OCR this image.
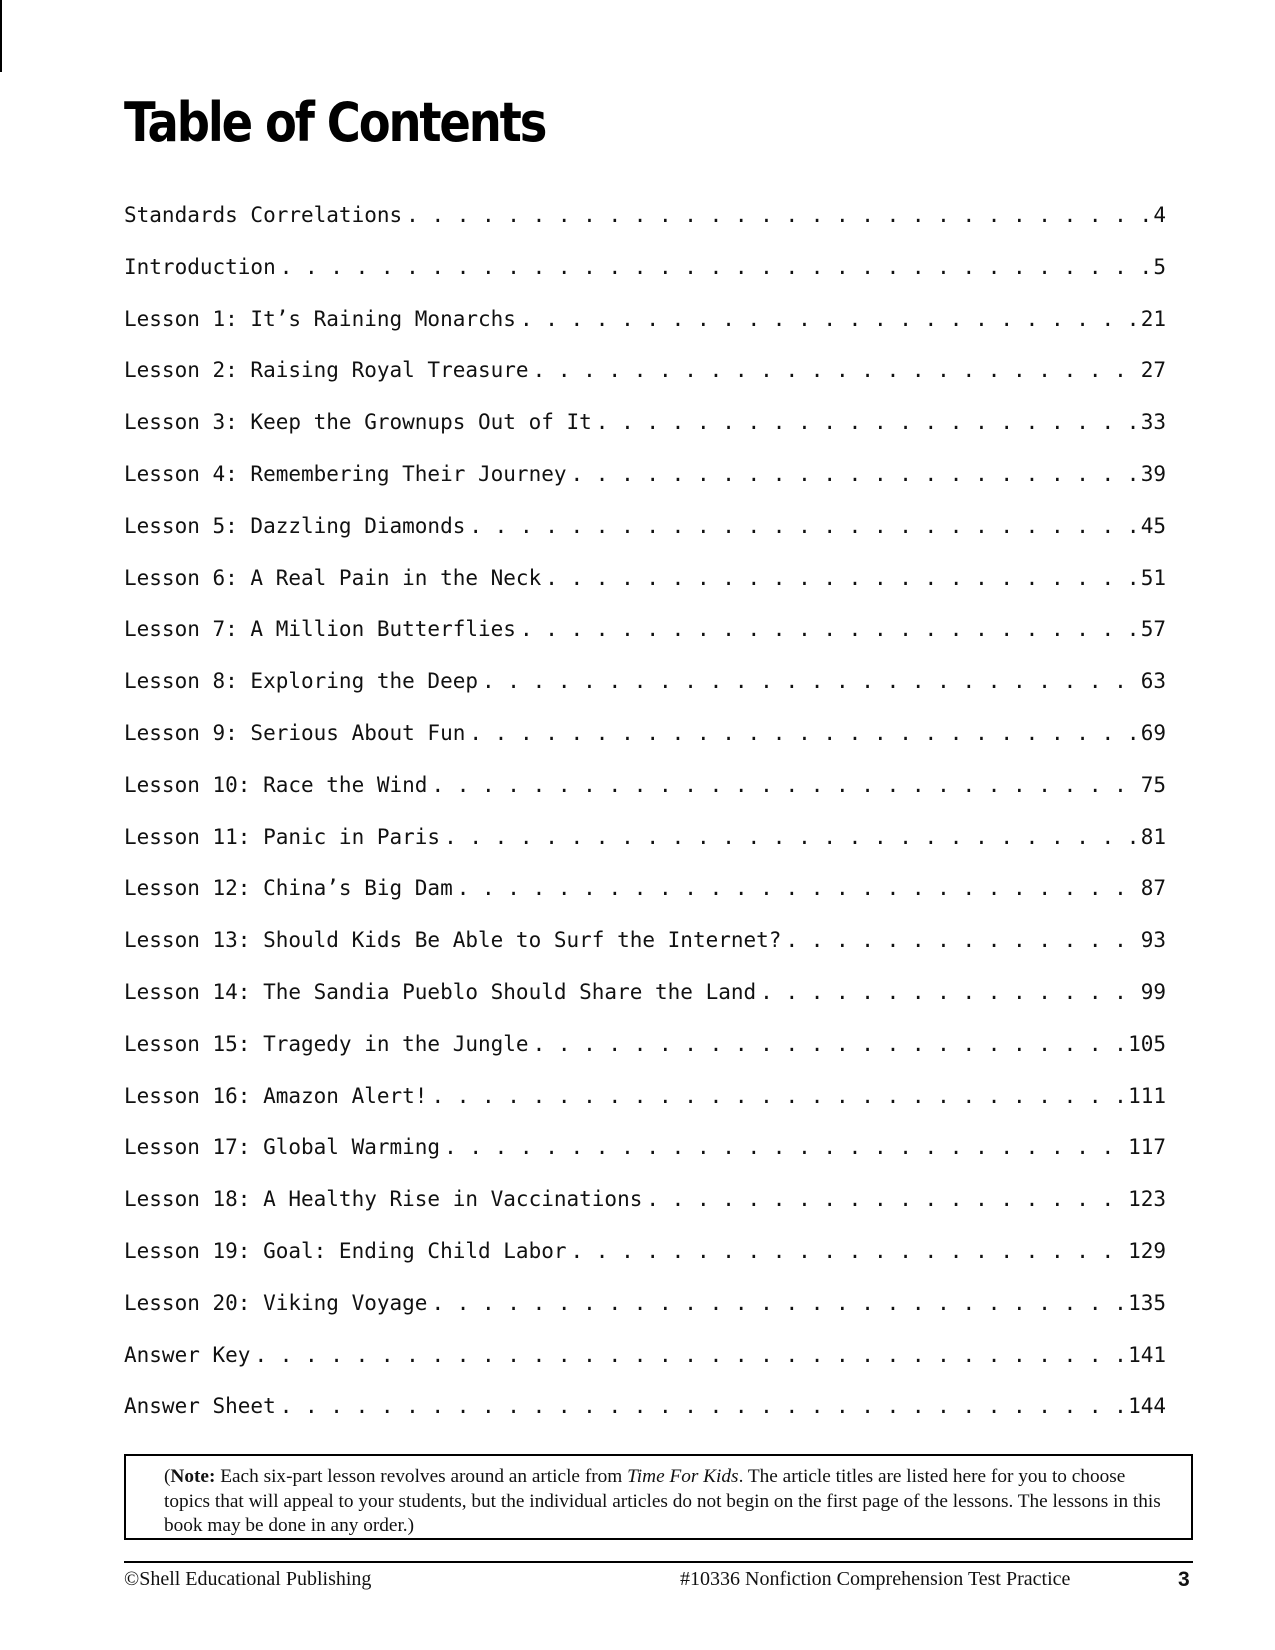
Table of Contents
Standards Correlations . . .	4
Introduction . . .	5
Lesson 1: It’s Raining Monarchs . . .	21
Lesson 2: Raising Royal Treasure . . .	27
Lesson 3: Keep the Grownups Out of It . . .	33
Lesson 4: Remembering Their Journey . . .	39
Lesson 5: Dazzling Diamonds . . .	45
Lesson 6: A Real Pain in the Neck . . .	51
Lesson 7: A Million Butterflies . . .	57
Lesson 8: Exploring the Deep . . .	63
Lesson 9: Serious About Fun . . .	69
Lesson 10: Race the Wind . . .	75
Lesson 11: Panic in Paris . . .	81
Lesson 12: China’s Big Dam . . .	87
Lesson 13: Should Kids Be Able to Surf the Internet? . . .	93
Lesson 14: The Sandia Pueblo Should Share the Land . . .	99
Lesson 15: Tragedy in the Jungle . . .	105
Lesson 16: Amazon Alert! . . .	111
Lesson 17: Global Warming . . .	117
Lesson 18: A Healthy Rise in Vaccinations . . .	123
Lesson 19: Goal: Ending Child Labor . . .	129
Lesson 20: Viking Voyage . . .	135
Answer Key . . .	141
Answer Sheet . . .	144
(Note: Each six-part lesson revolves around an article from Time For Kids. The article titles are listed here for you to choose topics that will appeal to your students, but the individual articles do not begin on the first page of the lessons. The lessons in this book may be done in any order.)
©Shell Educational Publishing	#10336 Nonfiction Comprehension Test Practice	3
